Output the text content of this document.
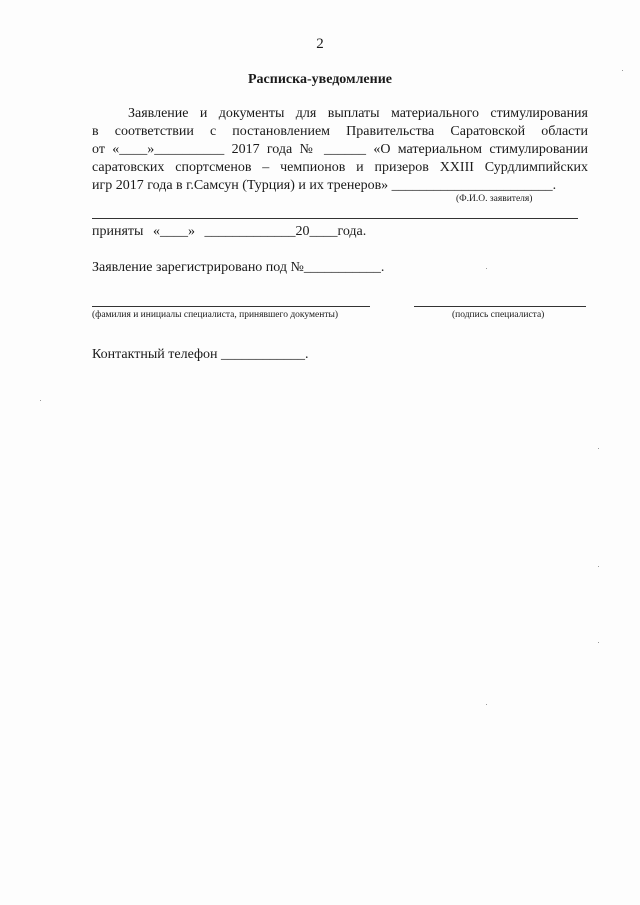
2
Расписка-уведомление
Заявление и документы для выплаты материального стимулирования
в соответствии с постановлением Правительства Саратовской области
от «____»__________ 2017 года № ______ «О материальном стимулировании
саратовских спортсменов – чемпионов и призеров XXIII Сурдлимпийских
игр 2017 года в г.Самсун (Турция) и их тренеров» _______________________.
(Ф.И.О. заявителя)
приняты «____» _____________20____года.
Заявление зарегистрировано под №___________.
(фамилия и инициалы специалиста, принявшего документы)	(подпись специалиста)
Контактный телефон ____________.
